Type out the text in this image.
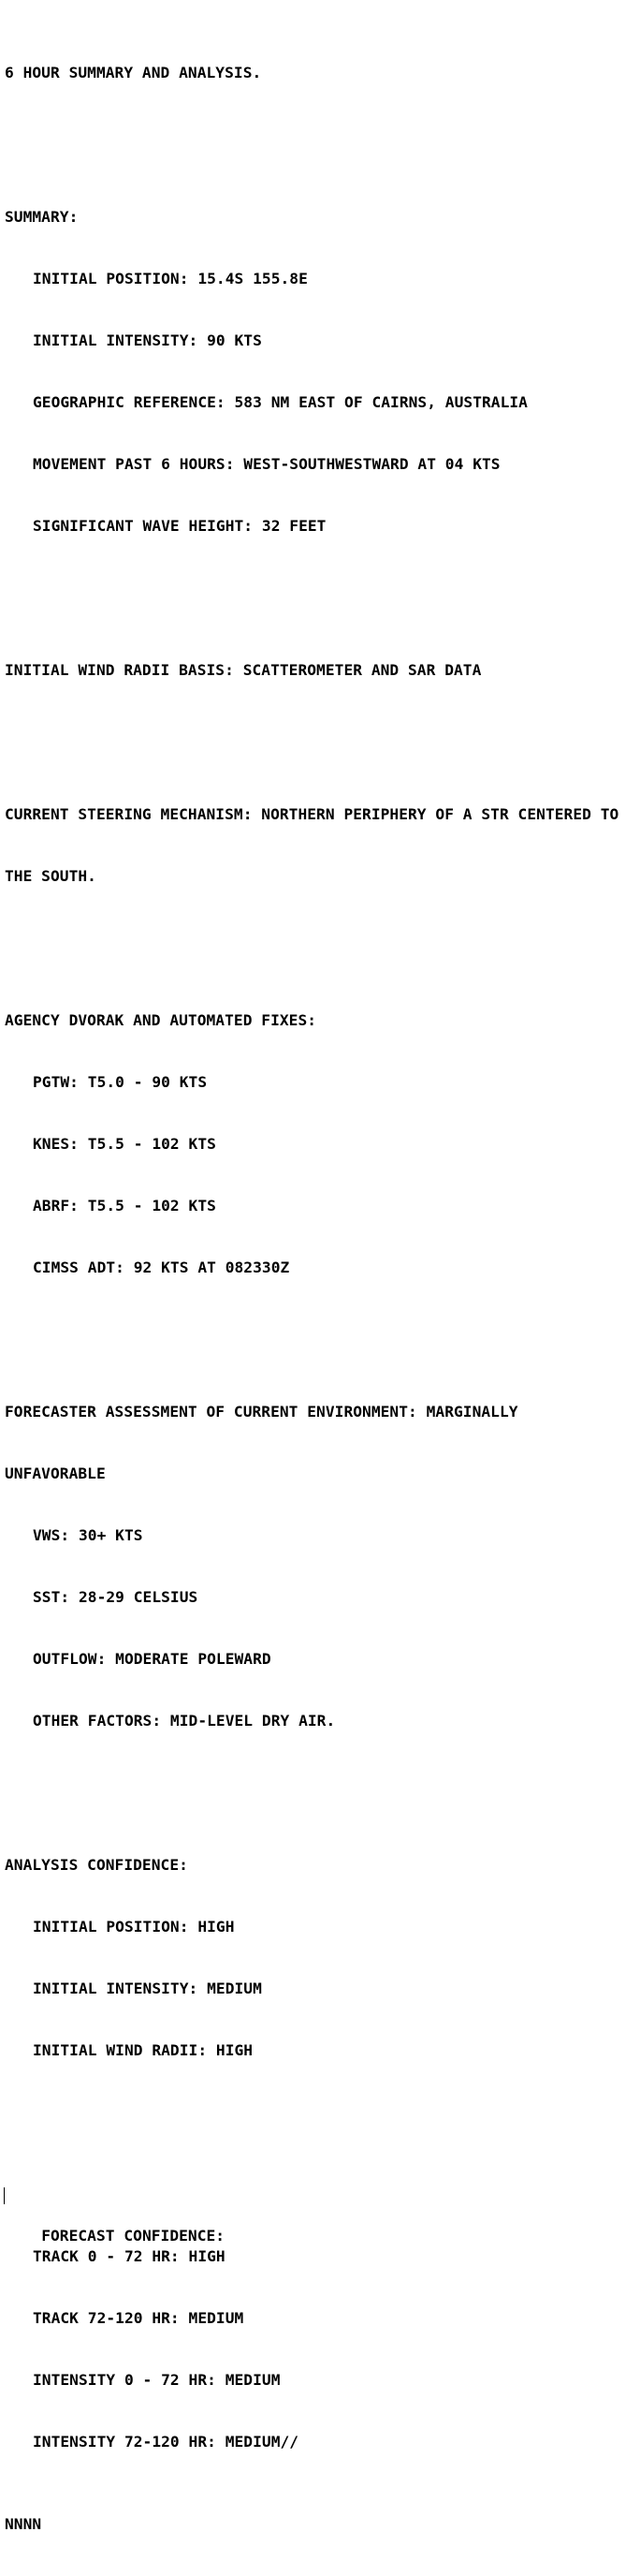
6 HOUR SUMMARY AND ANALYSIS.

SUMMARY:

INITIAL POSITION: 15.4S 155.8E

INITIAL INTENSITY: 90 KTS

GEOGRAPHIC REFERENCE: 583 NM EAST OF CAIRNS, AUSTRALIA

MOVEMENT PAST 6 HOURS: WEST-SOUTHWESTWARD AT 04 KTS

SIGNIFICANT WAVE HEIGHT: 32 FEET

INITIAL WIND RADII BASIS: SCATTEROMETER AND SAR DATA

CURRENT STEERING MECHANISM: NORTHERN PERIPHERY OF A STR CENTERED TO

THE SOUTH.

AGENCY DVORAK AND AUTOMATED FIXES:

PGTW: T5.0 - 90 KTS

KNES: T5.5 - 102 KTS

ABRF: T5.5 - 102 KTS

CIMSS ADT: 92 KTS AT 082330Z

FORECASTER ASSESSMENT OF CURRENT ENVIRONMENT: MARGINALLY

UNFAVORABLE

VWS: 30+ KTS

SST: 28-29 CELSIUS

OUTFLOW: MODERATE POLEWARD

OTHER FACTORS: MID-LEVEL DRY AIR.

ANALYSIS CONFIDENCE:

INITIAL POSITION: HIGH

INITIAL INTENSITY: MEDIUM

INITIAL WIND RADII: HIGH

FORECAST CONFIDENCE:

TRACK 0 - 72 HR: HIGH

TRACK 72-120 HR: MEDIUM

INTENSITY 0 - 72 HR: MEDIUM

INTENSITY 72-120 HR: MEDIUM//

NNNN
